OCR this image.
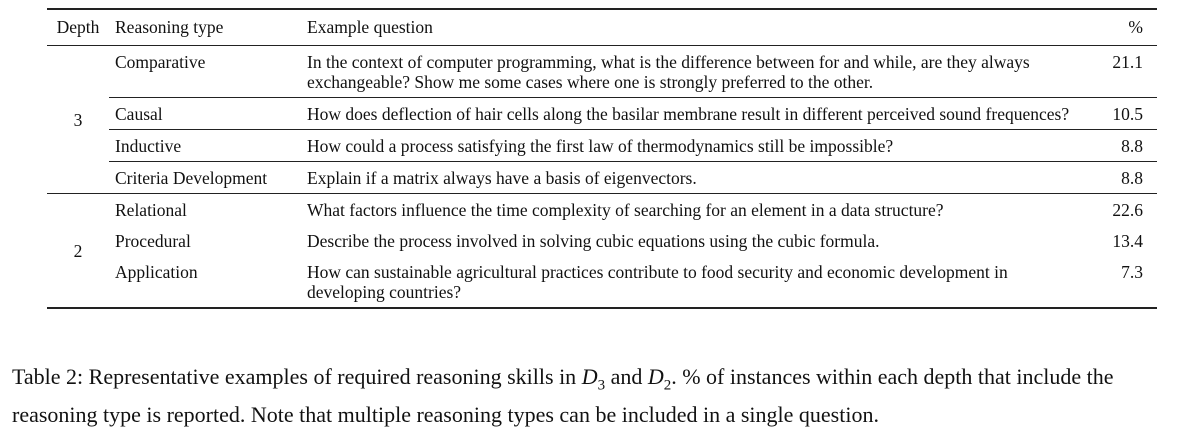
Depth	Reasoning type	Example question	%
3	Comparative	In the context of computer programming, what is the difference between for and while, are they always exchangeable? Show me some cases where one is strongly preferred to the other.	21.1
	Causal	How does deflection of hair cells along the basilar membrane result in different perceived sound frequences?	10.5
	Inductive	How could a process satisfying the first law of thermodynamics still be impossible?	8.8
	Criteria Development	Explain if a matrix always have a basis of eigenvectors.	8.8
2	Relational	What factors influence the time complexity of searching for an element in a data structure?	22.6
	Procedural	Describe the process involved in solving cubic equations using the cubic formula.	13.4
	Application	How can sustainable agricultural practices contribute to food security and economic development in developing countries?	7.3
Table 2: Representative examples of required reasoning skills in $D_3$ and $D_2$. % of instances within each depth that include the reasoning type is reported. Note that multiple reasoning types can be included in a single question.
